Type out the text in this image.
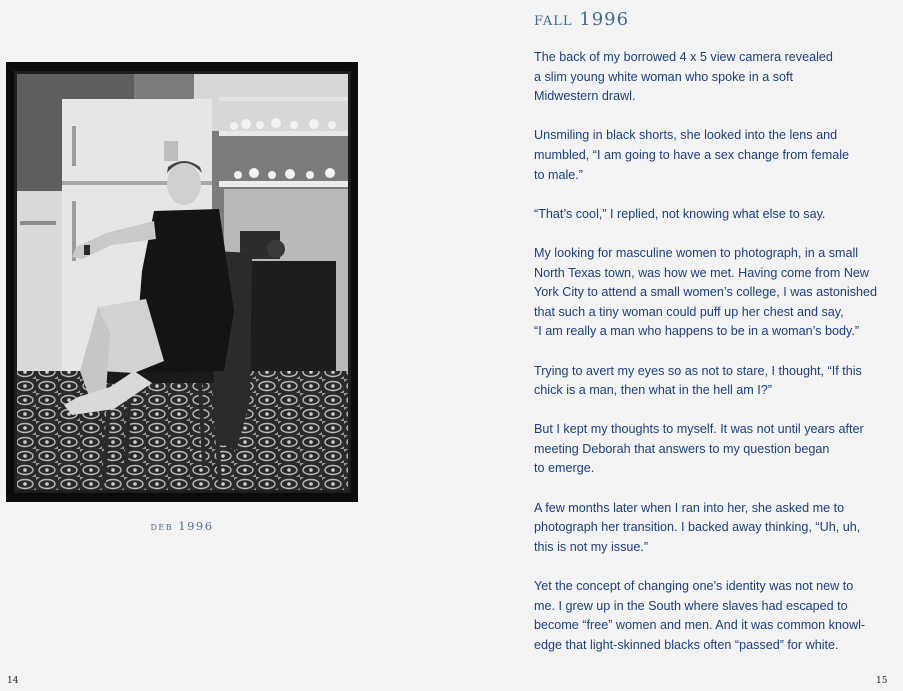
deb 1996
14
fall 1996

The back of my borrowed 4 x 5 view camera revealed
a slim young white woman who spoke in a soft
Midwestern drawl.

Unsmiling in black shorts, she looked into the lens and
mumbled, “I am going to have a sex change from female
to male.”

“That’s cool,” I replied, not knowing what else to say.

My looking for masculine women to photograph, in a small
North Texas town, was how we met. Having come from New
York City to attend a small women’s college, I was astonished
that such a tiny woman could puff up her chest and say,
“I am really a man who happens to be in a woman’s body.”

Trying to avert my eyes so as not to stare, I thought, “If this
chick is a man, then what in the hell am I?”

But I kept my thoughts to myself. It was not until years after
meeting Deborah that answers to my question began
to emerge.

A few months later when I ran into her, she asked me to
photograph her transition. I backed away thinking, “Uh, uh,
this is not my issue.”

Yet the concept of changing one’s identity was not new to
me. I grew up in the South where slaves had escaped to
become “free” women and men. And it was common knowl-
edge that light-skinned blacks often “passed” for white.

15
